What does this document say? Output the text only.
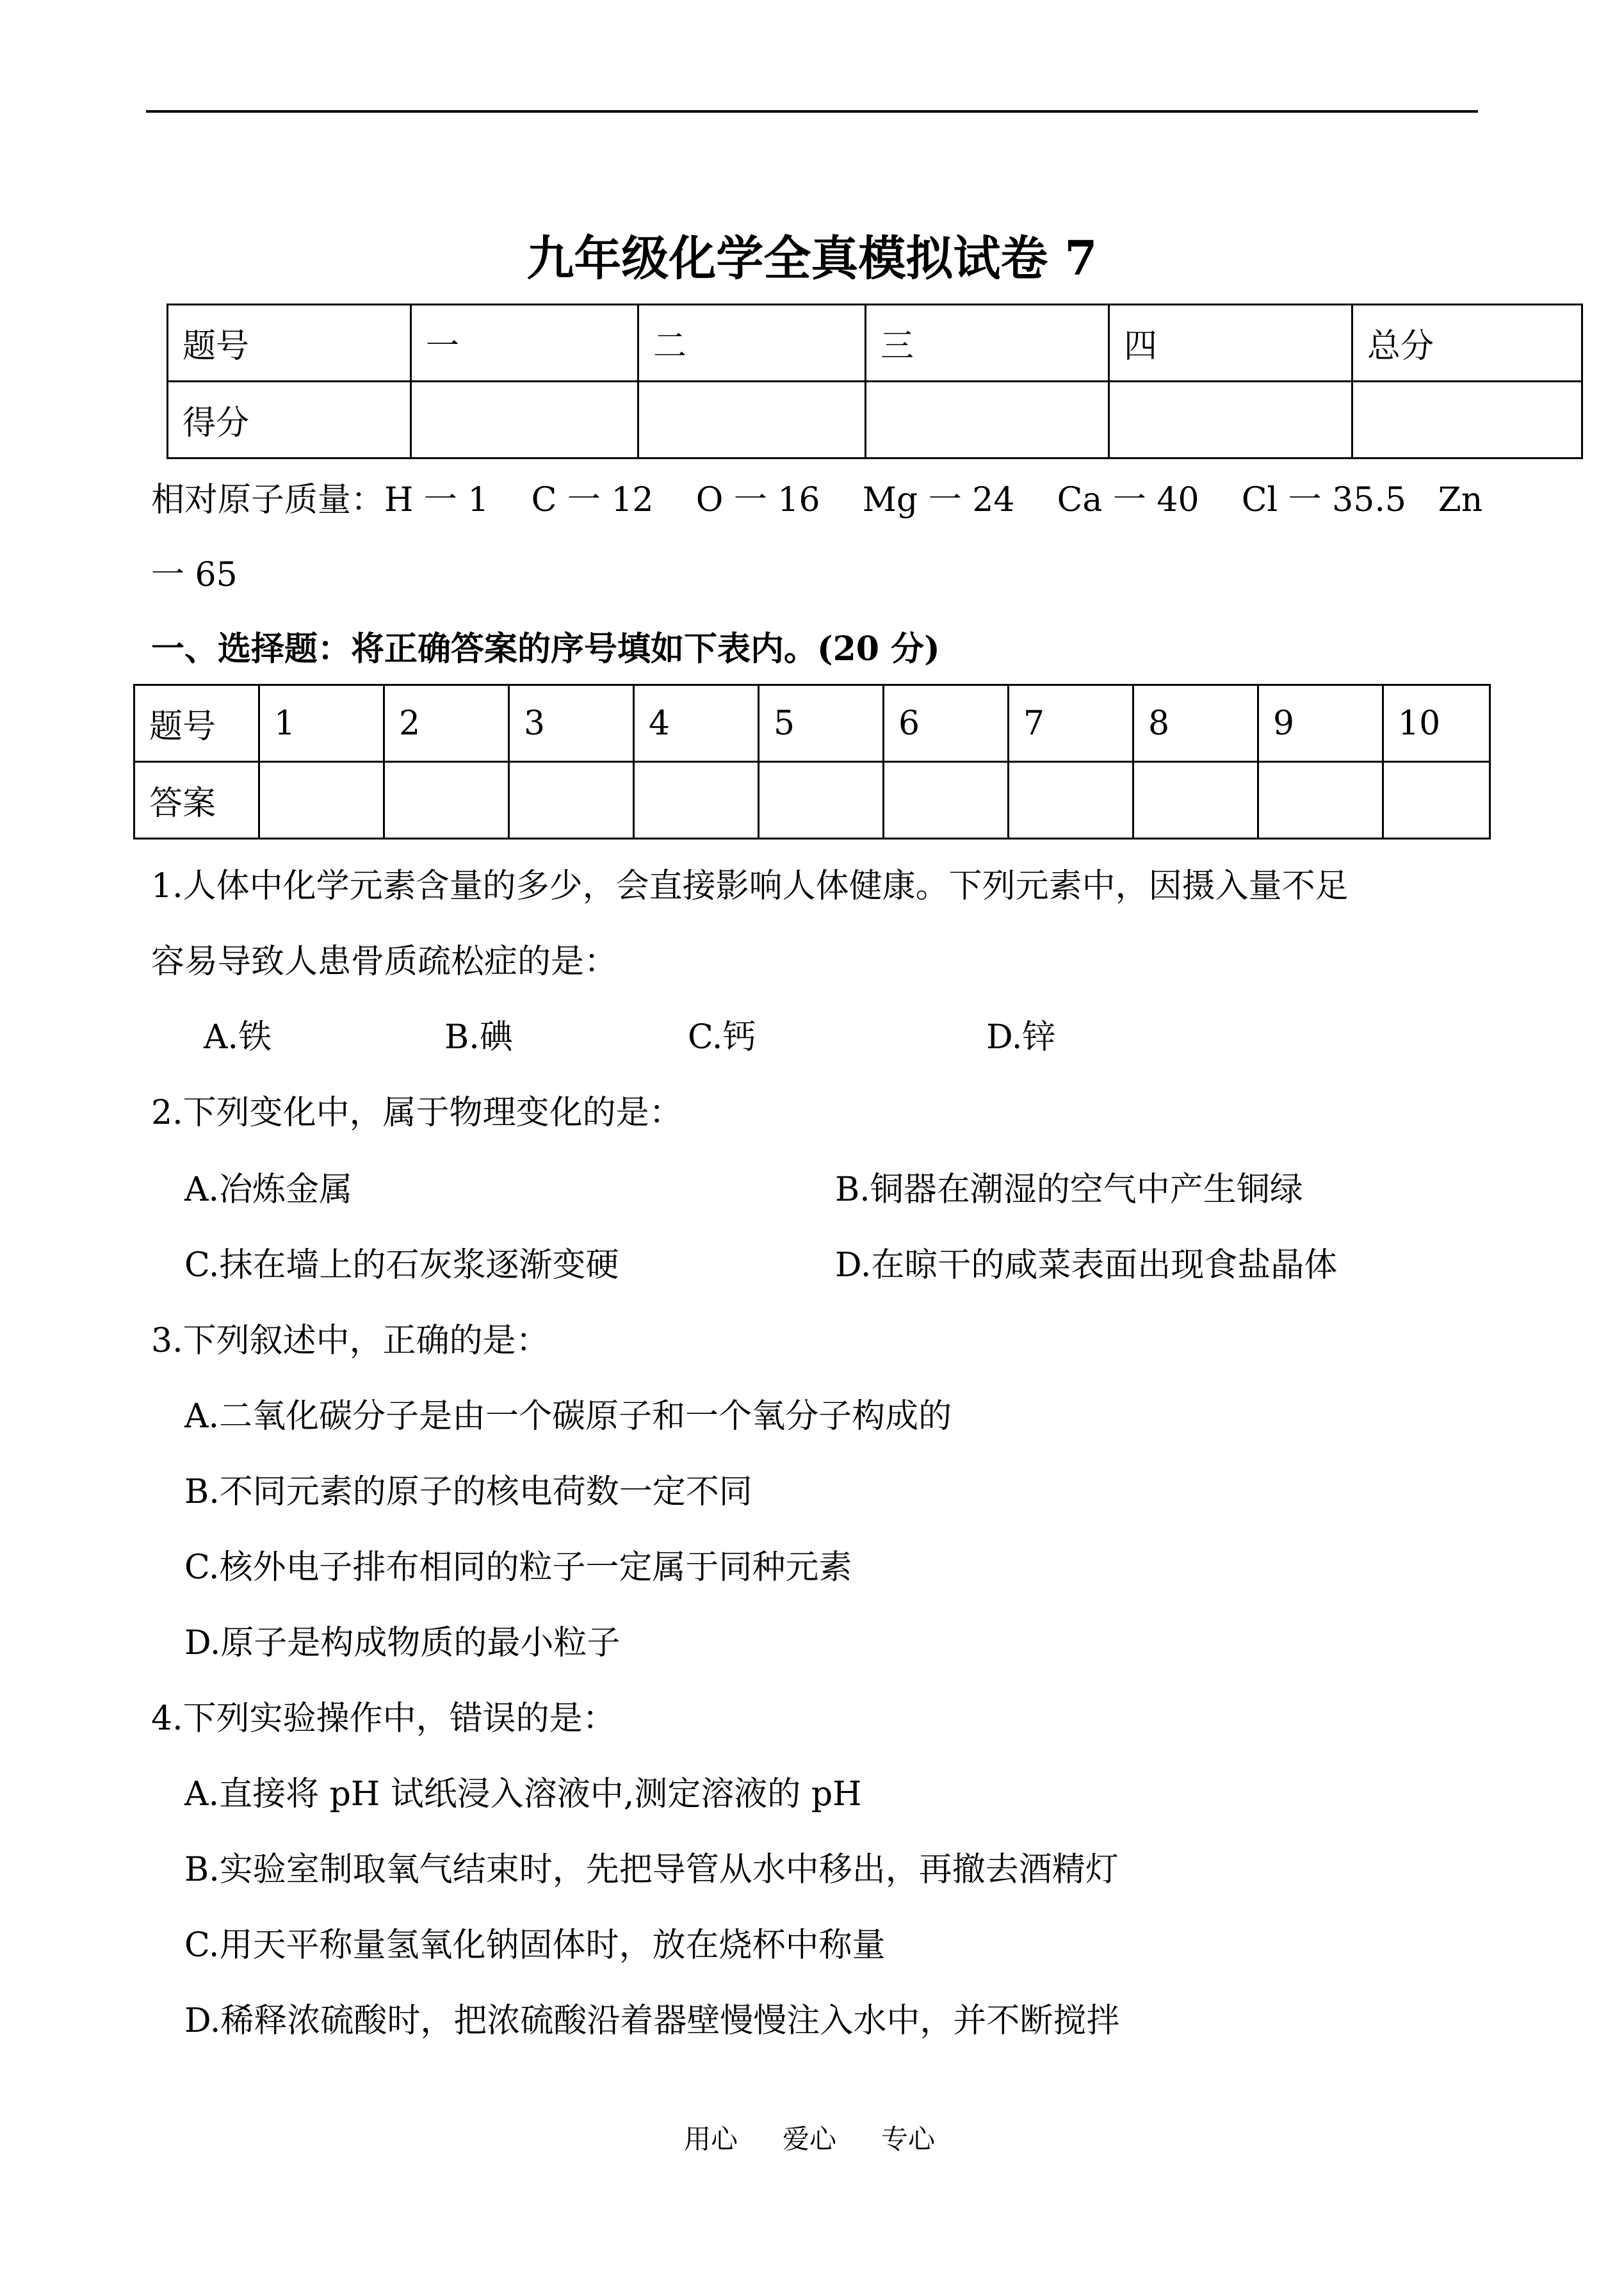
九年级化学全真模拟试卷 7
题号	一	二	三	四	总分
得分					
相对原子质量：H 一 1    C 一 12    O 一 16    Mg 一 24    Ca 一 40    Cl 一 35.5   Zn
一 65
一、选择题：将正确答案的序号填如下表内。(20 分)
题号	1	2	3	4	5	6	7	8	9	10
答案										
1.人体中化学元素含量的多少，会直接影响人体健康。下列元素中，因摄入量不足
容易导致人患骨质疏松症的是：
A.铁	B.碘	C.钙	D.锌
2.下列变化中，属于物理变化的是：
A.冶炼金属	B.铜器在潮湿的空气中产生铜绿
C.抹在墙上的石灰浆逐渐变硬	D.在晾干的咸菜表面出现食盐晶体
3.下列叙述中，正确的是：
A.二氧化碳分子是由一个碳原子和一个氧分子构成的
B.不同元素的原子的核电荷数一定不同
C.核外电子排布相同的粒子一定属于同种元素
D.原子是构成物质的最小粒子
4.下列实验操作中，错误的是：
A.直接将 pH 试纸浸入溶液中,测定溶液的 pH
B.实验室制取氧气结束时，先把导管从水中移出，再撤去酒精灯
C.用天平称量氢氧化钠固体时，放在烧杯中称量
D.稀释浓硫酸时，把浓硫酸沿着器壁慢慢注入水中，并不断搅拌
用心 爱心 专心
